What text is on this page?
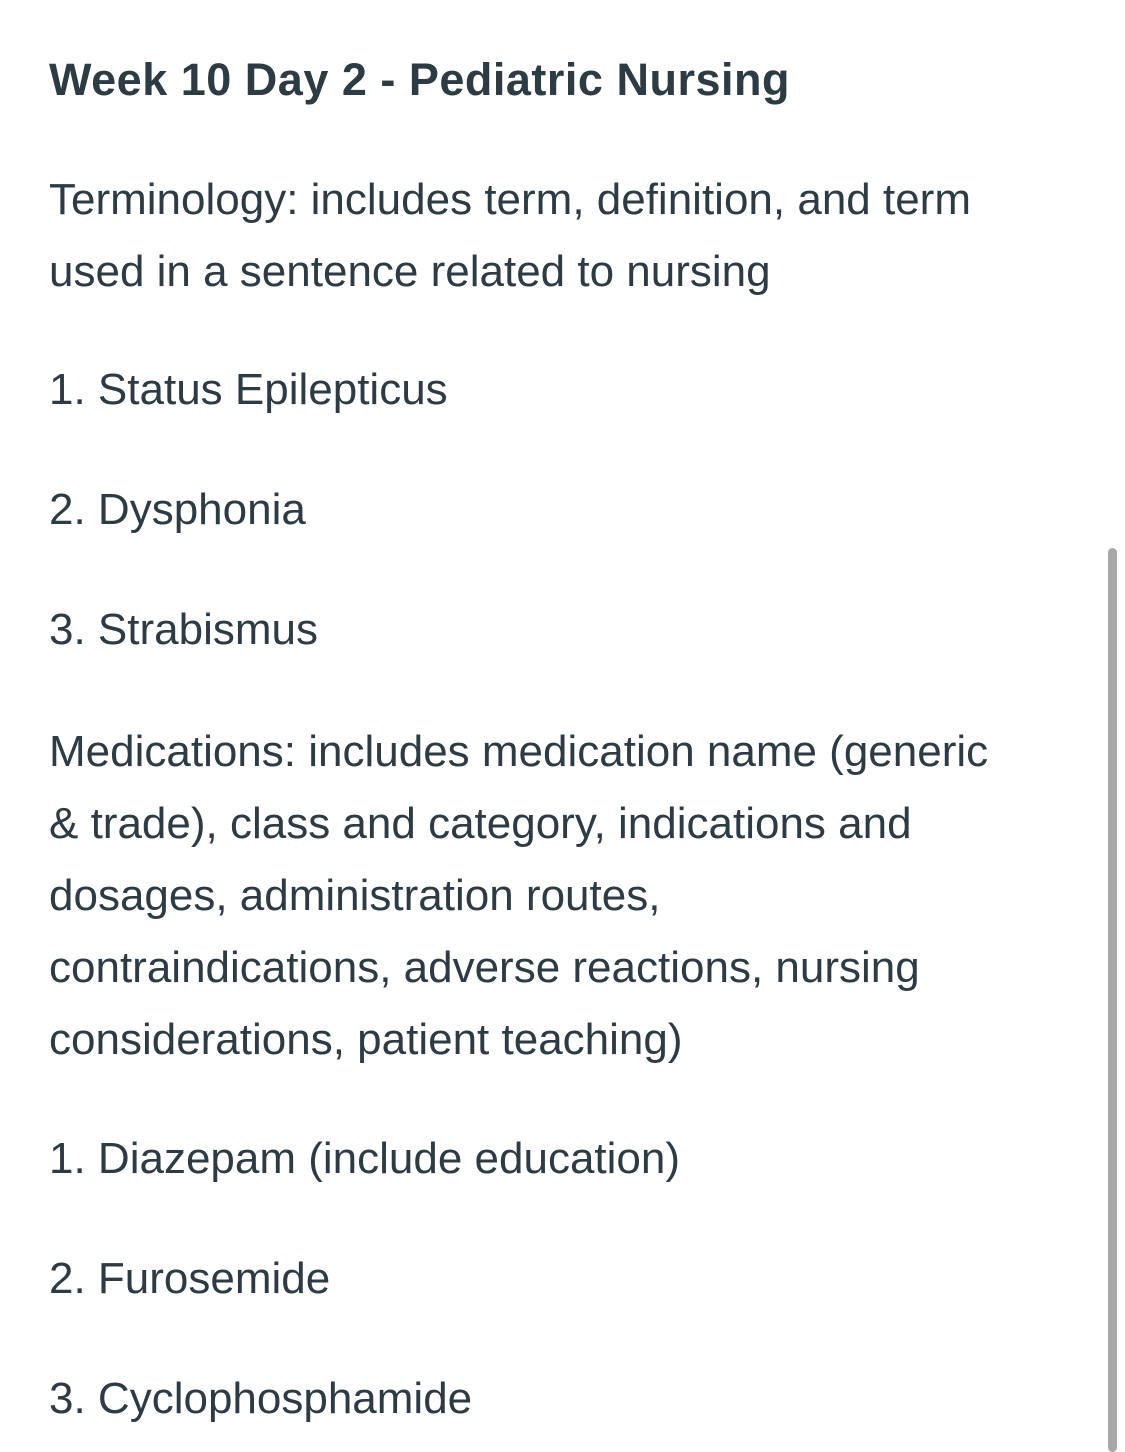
Week 10 Day 2 - Pediatric Nursing

Terminology: includes term, definition, and term
used in a sentence related to nursing

1. Status Epilepticus

2. Dysphonia

3. Strabismus

Medications: includes medication name (generic
& trade), class and category, indications and
dosages, administration routes,
contraindications, adverse reactions, nursing
considerations, patient teaching)

1. Diazepam (include education)

2. Furosemide

3. Cyclophosphamide
